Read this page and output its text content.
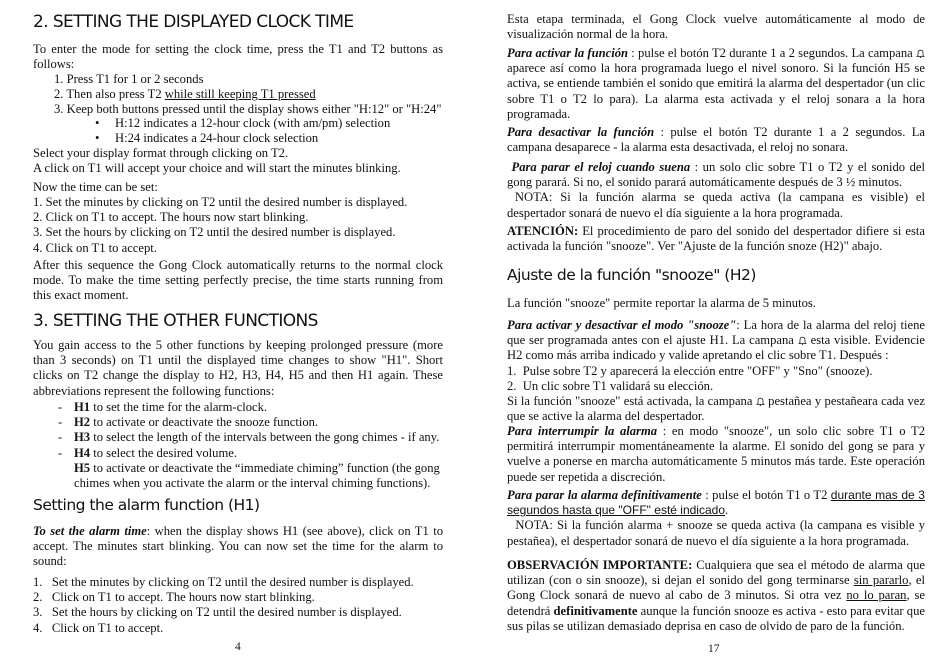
2. SETTING THE DISPLAYED CLOCK TIME

To enter the mode for setting the clock time, press the T1 and T2 buttons as follows:

1. Press T1 for 1 or 2 seconds
2. Then also press T2 while still keeping T1 pressed
3. Keep both buttons pressed until the display shows either "H:12" or "H:24"
• H:12 indicates a 12-hour clock (with am/pm) selection
• H:24 indicates a 24-hour clock selection

Select your display format through clicking on T2.
A click on T1 will accept your choice and will start the minutes blinking.

Now the time can be set:

1. Set the minutes by clicking on T2 until the desired number is displayed.
2. Click on T1 to accept. The hours now start blinking.
3. Set the hours by clicking on T2 until the desired number is displayed.
4. Click on T1 to accept.

After this sequence the Gong Clock automatically returns to the normal clock mode. To make the time setting perfectly precise, the time starts running from this exact moment.

3. SETTING THE OTHER FUNCTIONS

You gain access to the 5 other functions by keeping prolonged pressure (more than 3 seconds) on T1 until the displayed time changes to show "H1". Short clicks on T2 change the display to H2, H3, H4, H5 and then H1 again. These abbreviations represent the following functions:

- H1 to set the time for the alarm-clock.
- H2 to activate or deactivate the snooze function.
- H3 to select the length of the intervals between the gong chimes - if any.
- H4 to select the desired volume.
H5 to activate or deactivate the “immediate chiming” function (the gong chimes when you activate the alarm or the interval chiming functions).
Setting the alarm function (H1)

To set the alarm time: when the display shows H1 (see above), click on T1 to accept. The minutes start blinking. You can now set the time for the alarm to sound:

1.   Set the minutes by clicking on T2 until the desired number is displayed.
2.   Click on T1 to accept. The hours now start blinking.
3.   Set the hours by clicking on T2 until the desired number is displayed.
4.   Click on T1 to accept.
4

Esta etapa terminada, el Gong Clock vuelve automáticamente al modo de visualización normal de la hora.

Para activar la función : pulse el botón T2 durante 1 a 2 segundos. La campana
aparece así como la hora programada luego el nivel sonoro. Si la función H5 se activa, se entiende también el sonido que emitirá la alarma del despertador (un clic sobre T1 o T2 lo para). La alarma esta activada y el reloj sonara a la hora programada.

Para desactivar la función : pulse el botón T2 durante 1 a 2 segundos. La campana desaparece - la alarma esta desactivada, el reloj no sonara.

Para parar el reloj cuando suena : un solo clic sobre T1 o T2 y el sonido del gong parará. Si no, el sonido parará automáticamente después de 3 ½ minutos.
NOTA: Si la función alarma se queda activa (la campana es visible) el despertador sonará de nuevo el día siguiente a la hora programada.

ATENCIÓN: El procedimiento de paro del sonido del despertador difiere si esta activada la función "snooze". Ver "Ajuste de la función snoze (H2)" abajo.

Ajuste de la función "snooze" (H2)

La función "snooze" permite reportar la alarma de 5 minutos.

Para activar y desactivar el modo "snooze": La hora de la alarma del reloj tiene que ser programada antes con el ajuste H1. La campana
esta visible. Evidencie H2 como más arriba indicado y valide apretando el clic sobre T1. Después :
1.  Pulse sobre T2 y aparecerá la elección entre "OFF" y "Sno" (snooze).
2.  Un clic sobre T1 validará su elección.
Si la función "snooze" está activada, la campana
pestañea y pestañeara cada vez que se active la alarma del despertador.

Para interrumpir la alarma : en modo "snooze", un solo clic sobre T1 o T2 permitirá interrumpir momentáneamente la alarme. El sonido del gong se para y vuelve a ponerse en marcha automáticamente 5 minutos más tarde. Este operación puede ser repetida a discreción.

Para parar la alarma definitivamente : pulse el botón T1 o T2 durante mas de 3 segundos hasta que "OFF" esté indicado.
NOTA: Si la función alarma + snooze se queda activa (la campana es visible y pestañea), el despertador sonará de nuevo el día siguiente a la hora programada.

OBSERVACIÓN IMPORTANTE: Cualquiera que sea el método de alarma que utilizan (con o sin snooze), si dejan el sonido del gong terminarse sin pararlo, el Gong Clock sonará de nuevo al cabo de 3 minutos. Si otra vez no lo paran, se detendrá definitivamente aunque la función snooze es activa - esto para evitar que sus pilas se utilizan demasiado deprisa en caso de olvido de paro de la función.

17
